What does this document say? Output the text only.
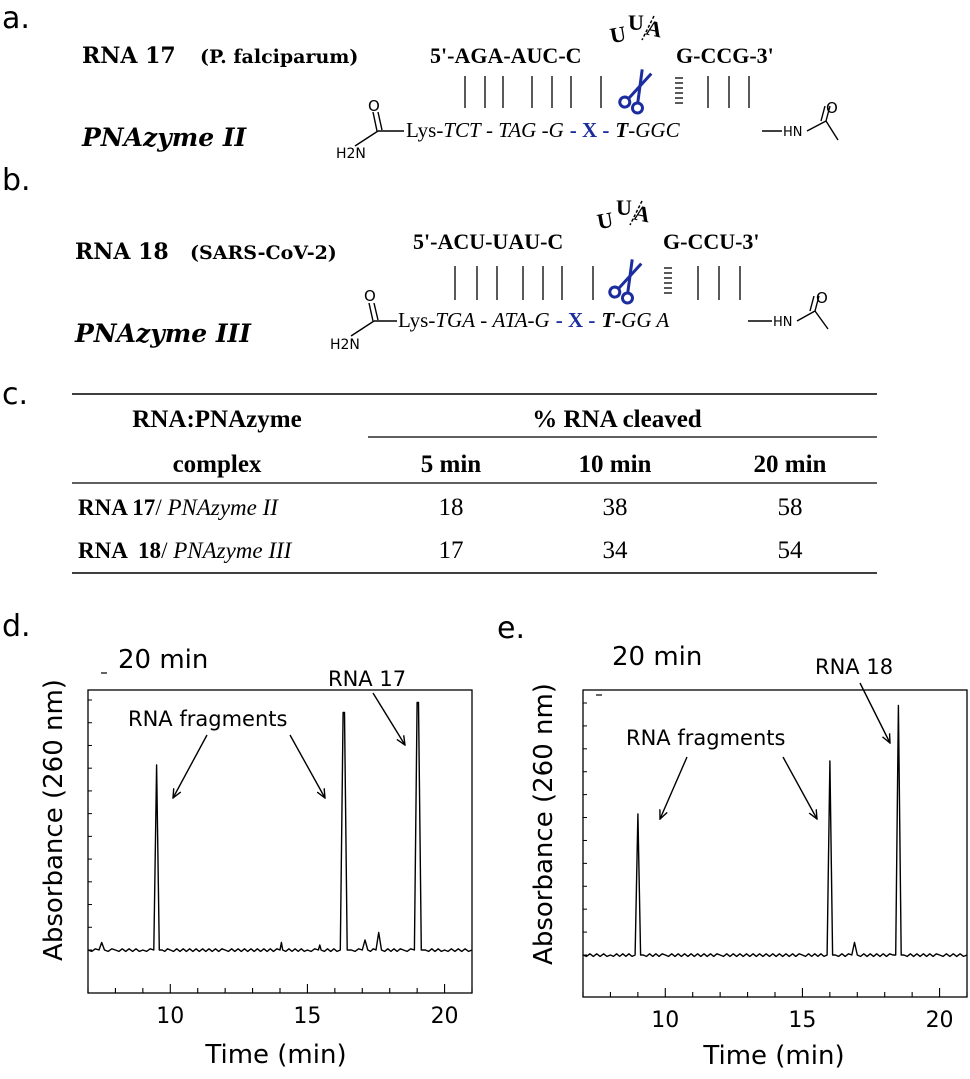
a.
RNA 17 (P. falciparum)	5'-AGA-AUC-C
U U A
G-CCG-3'
PNAzyme II
O
H2N
Lys-TCT - TAG -G - X - T-GGC	HN
O
b.
RNA 18 (SARS-CoV-2)	5'-ACU-UAU-C
U U A
G-CCU-3'
PNAzyme III
O
H2N
Lys-TGA - ATA-G - X - T-GG A	HN
O
c.
RNA:PNAzyme
complex
% RNA cleaved
5 min	10 min	20 min
RNA 17/ PNAzyme II	18	38	58
RNA  18/ PNAzyme III	17	34	54
d.
20 min
RNA fragments
RNA 17
Absorbance (260 nm)
Time (min)
10	15	20
e.
20 min
RNA fragments
RNA 18
Absorbance (260 nm)
Time (min)
10	15	20
